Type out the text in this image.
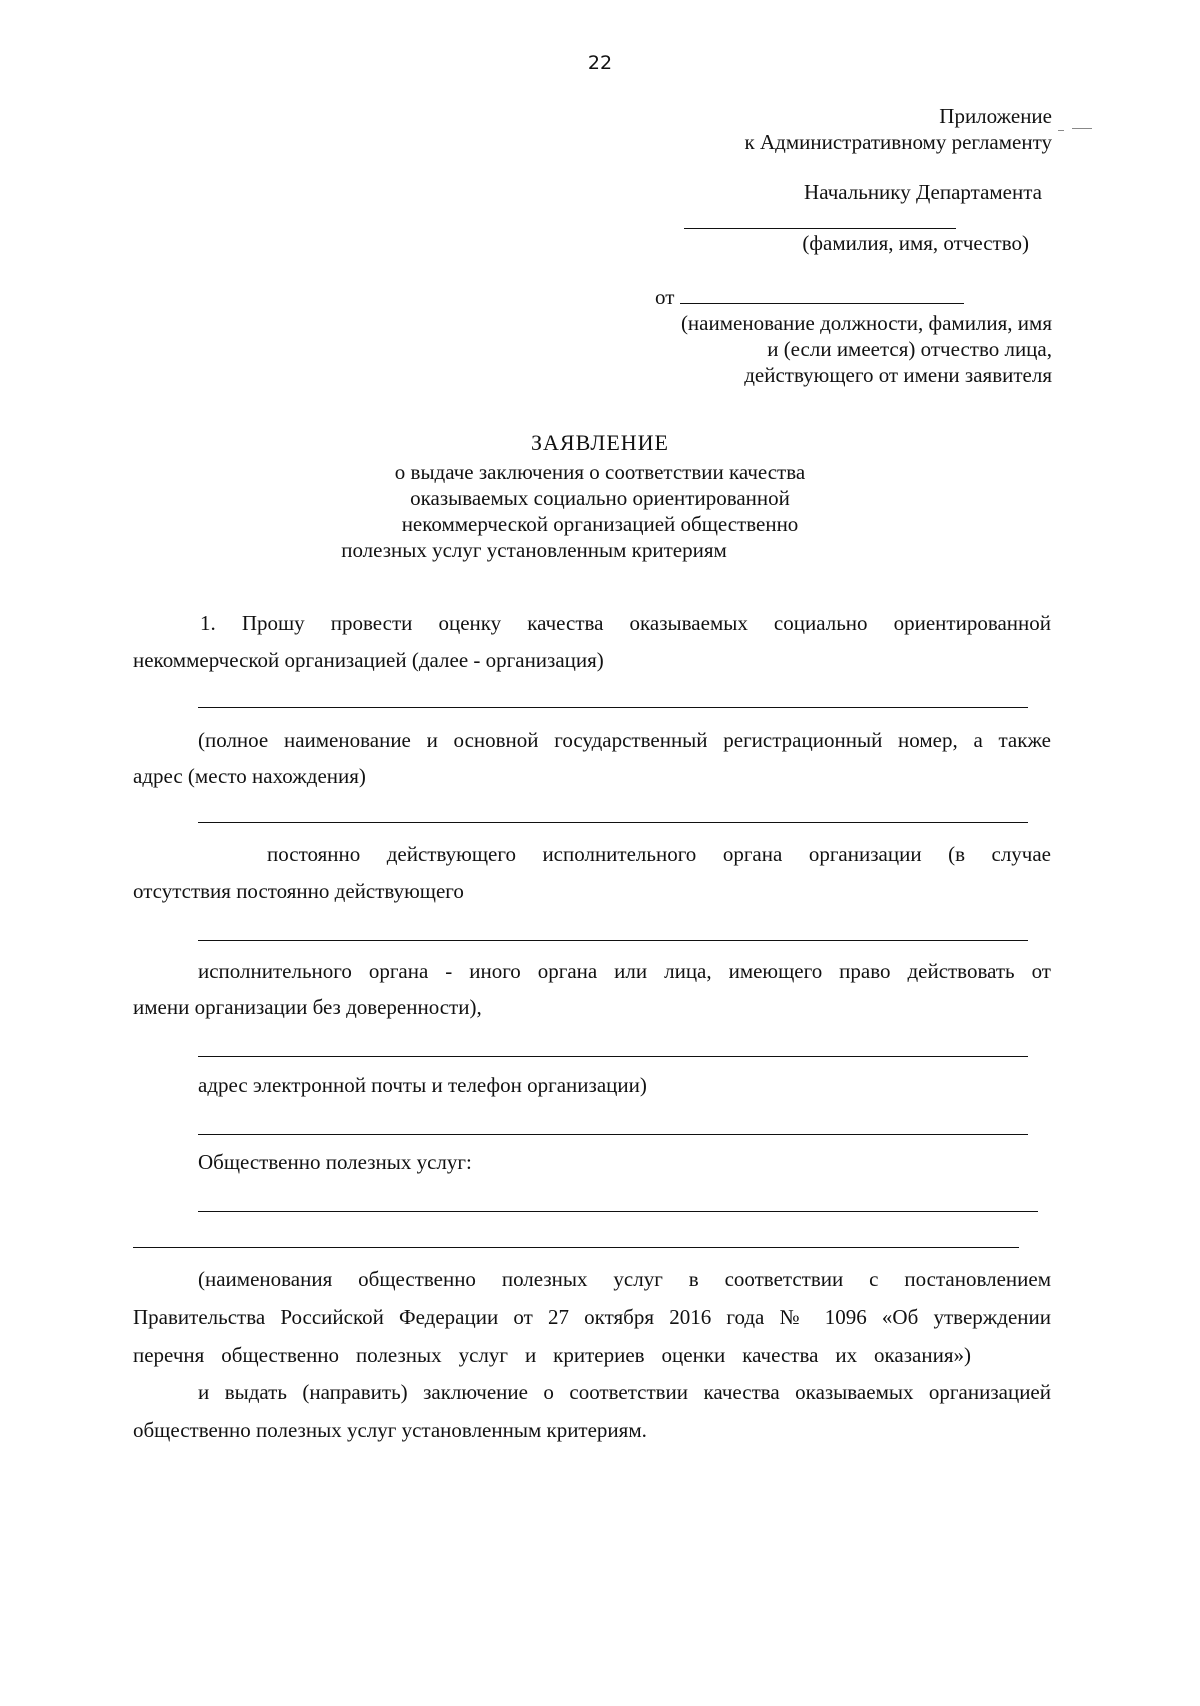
22
Приложение
к Административному регламенту
Начальнику Департамента
(фамилия, имя, отчество)
от
(наименование должности, фамилия, имя
и (если имеется) отчество лица,
действующего от имени заявителя
ЗАЯВЛЕНИЕ
о выдаче заключения о соответствии качества
оказываемых социально ориентированной
некоммерческой организацией общественно
полезных услуг установленным критериям
1. Прошу провести оценку качества оказываемых социально ориентированной
некоммерческой организацией (далее - организация)
(полное наименование и основной государственный регистрационный номер, а также
адрес (место нахождения)
постоянно действующего исполнительного органа организации (в случае
отсутствия постоянно действующего
исполнительного органа - иного органа или лица, имеющего право действовать от
имени организации без доверенности),
адрес электронной почты и телефон организации)
Общественно полезных услуг:
(наименования общественно полезных услуг в соответствии с постановлением
Правительства Российской Федерации от 27 октября 2016 года № 1096 «Об утверждении
перечня общественно полезных услуг и критериев оценки качества их оказания»)
и выдать (направить) заключение о соответствии качества оказываемых организацией
общественно полезных услуг установленным критериям.
